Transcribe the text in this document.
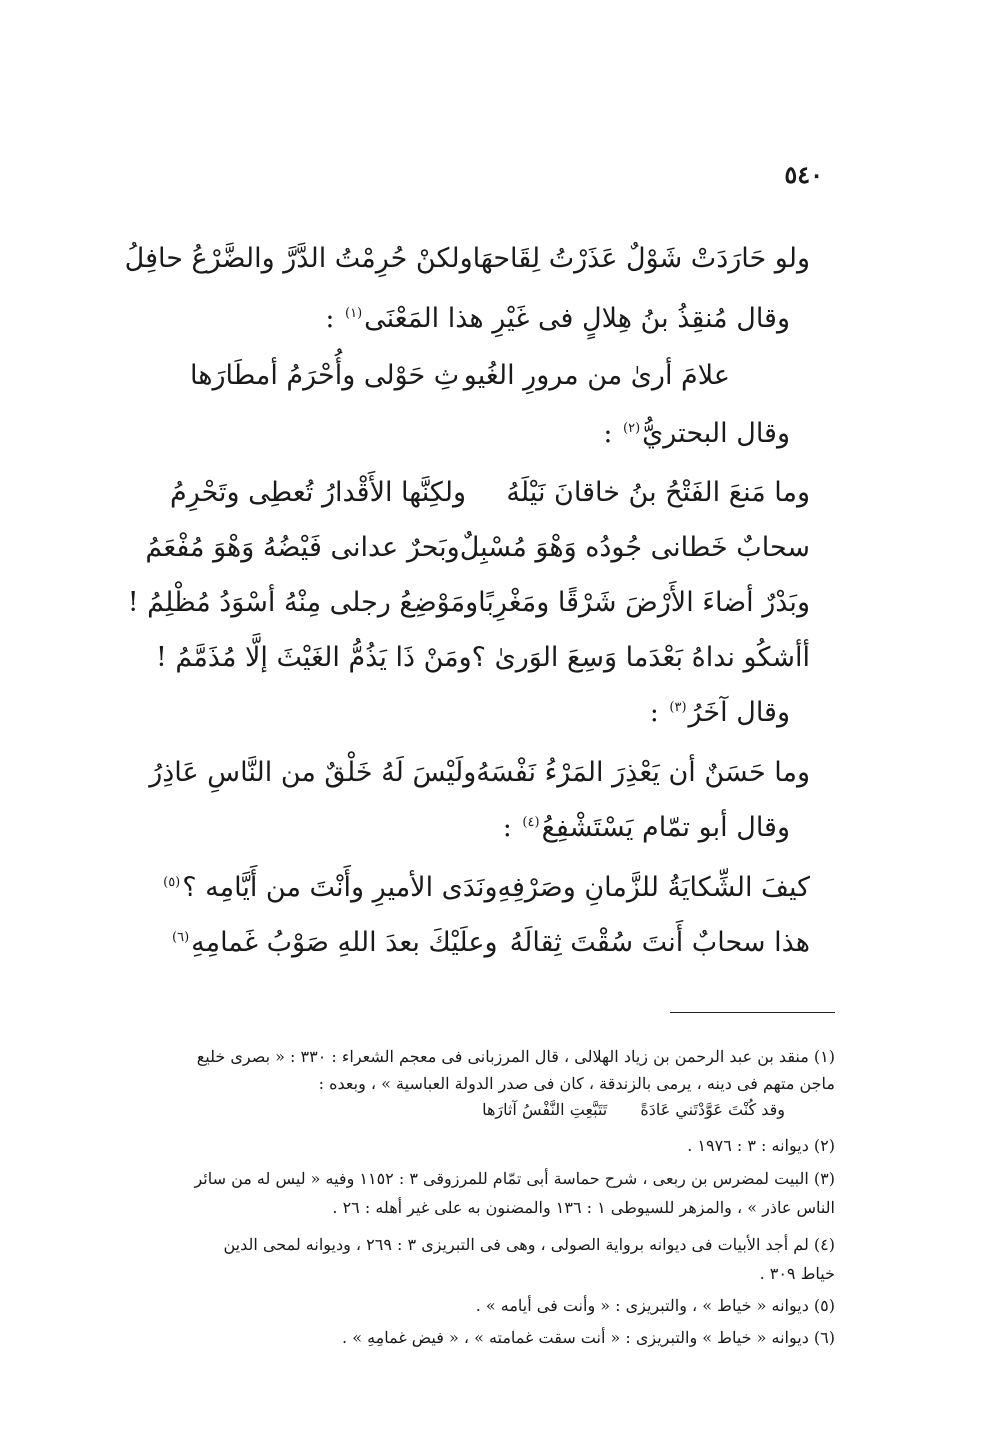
٥٤٠
ولو حَارَدَتْ شَوْلٌ عَذَرْتُ لِقَاحهَا
ولكنْ حُرِمْتُ الدَّرَّ والضَّرْعُ حافِلُ
وقال مُنقِذُ بنُ هِلالٍ فى غَيْرِ هذا المَعْنَى$^{(١)}$ :
علامَ أرىٰ من مرورِ الغُيو
ثِ حَوْلى وأُحْرَمُ أمطَارَها
وقال البحتريُّ$^{(٢)}$ :
وما مَنعَ الفَتْحُ بنُ خاقانَ نَيْلَهُ
ولكِنَّها الأَقْدارُ تُعطِى وتَحْرِمُ
سحابٌ خَطانى جُودُه وَهْوَ مُسْبِلٌ
وبَحرٌ عدانى فَيْضُهُ وَهْوَ مُفْعَمُ
وبَدْرٌ أضاءَ الأَرْضَ شَرْقًا ومَغْرِبًا
ومَوْضِعُ رجلى مِنْهُ أسْوَدُ مُظْلِمُ !
أأشكُو نداهُ بَعْدَما وَسِعَ الوَرىٰ ؟
ومَنْ ذَا يَذُمُّ الغَيْثَ إلَّا مُذَمَّمُ !
وقال آخَرُ$^{(٣)}$ :
وما حَسَنٌ أن يَعْذِرَ المَرْءُ نَفْسَهُ
ولَيْسَ لَهُ خَلْقٌ من النَّاسِ عَاذِرُ
وقال أبو تمّام يَسْتَشْفِعُ$^{(٤)}$ :
كيفَ الشِّكايَةُ للزَّمانِ وصَرْفِهِ
ونَدَى الأميرِ وأَنْتَ من أَيَّامِه ؟$^{(٥)}$
هذا سحابٌ أَنتَ سُقْتَ ثِقالَهُ
وعلَيْكَ بعدَ اللهِ صَوْبُ غَمامِهِ$^{(٦)}$
(١) منقد بن عبد الرحمن بن زياد الهلالى ، قال المرزبانى فى معجم الشعراء : ٣٣٠ : « بصرى خليع
ماجن متهم فى دينه ، يرمى بالزندقة ، كان فى صدر الدولة العباسية » ، وبعده :
وقد كُنْتَ عَوَّدْتَني عَادَةً تَتَبَّعِتِ النَّفْسُ آثارَها
(٢) ديوانه : ٣ : ١٩٧٦ .
(٣) البيت لمضرس بن ربعى ، شرح حماسة أبى تمّام للمرزوقى ٣ : ١١٥٢ وفيه « ليس له من سائر
الناس عاذر » ، والمزهر للسيوطى ١ : ١٣٦ والمضنون به على غير أهله : ٢٦ .
(٤) لم أجد الأبيات فى ديوانه برواية الصولى ، وهى فى التبريزى ٣ : ٢٦٩ ، وديوانه لمحى الدين
خياط ٣٠٩ .
(٥) ديوانه « خياط » ، والتبريزى : « وأنت فى أيامه » .
(٦) ديوانه « خياط » والتبريزى : « أنت سقت غمامته » ، « فيض غمامِهِ » .
